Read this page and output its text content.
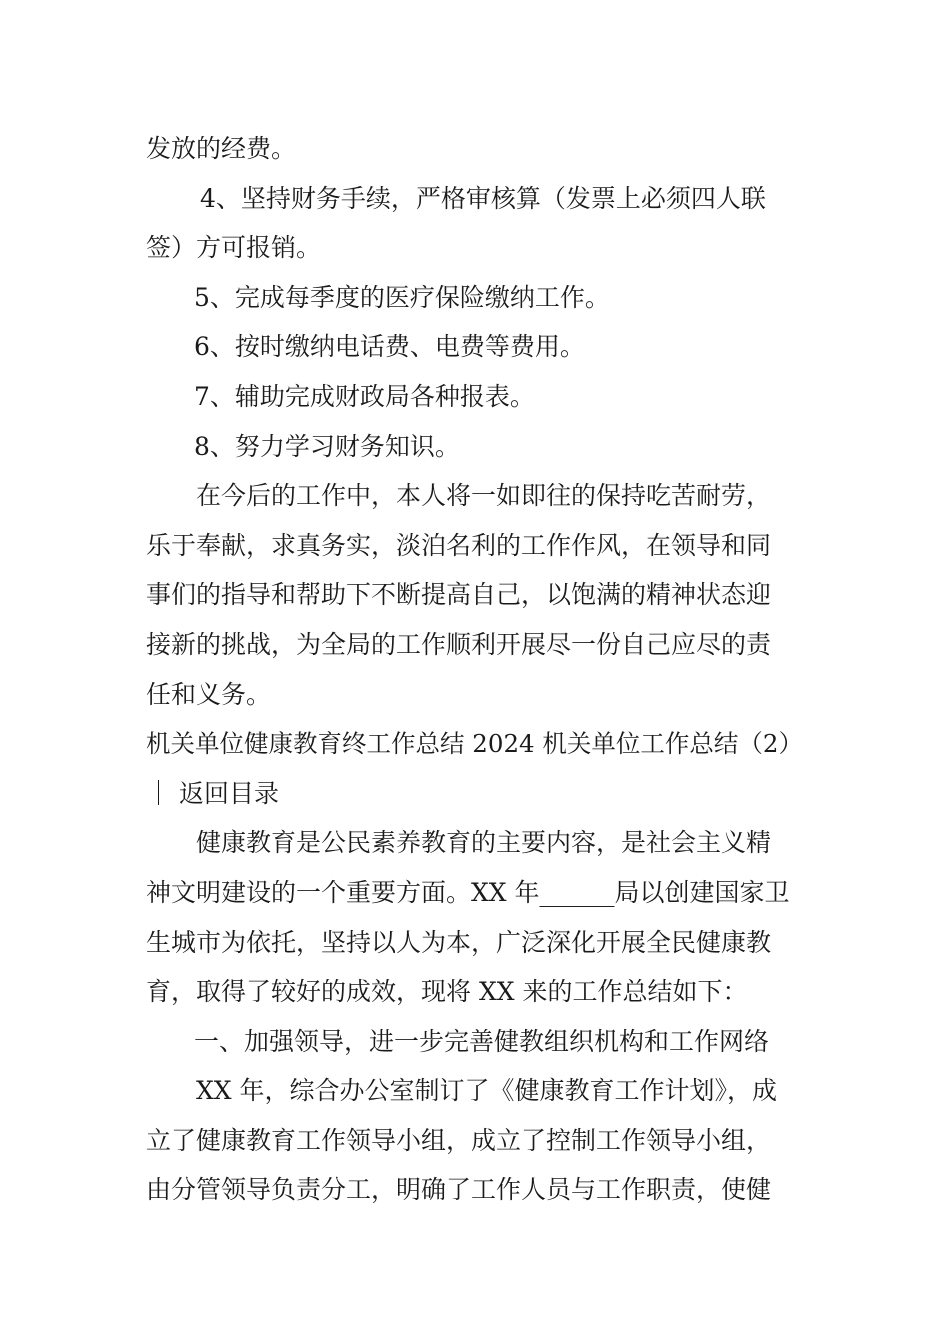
发放的经费。
4、坚持财务手续，严格审核算（发票上必须四人联
签）方可报销。
5、完成每季度的医疗保险缴纳工作。
6、按时缴纳电话费、电费等费用。
7、辅助完成财政局各种报表。
8、努力学习财务知识。
在今后的工作中，本人将一如即往的保持吃苦耐劳，
乐于奉献，求真务实，淡泊名利的工作作风，在领导和同
事们的指导和帮助下不断提高自己，以饱满的精神状态迎
接新的挑战，为全局的工作顺利开展尽一份自己应尽的责
任和义务。
机关单位健康教育终工作总结 2024 机关单位工作总结（2）
｜ 返回目录
健康教育是公民素养教育的主要内容，是社会主义精
神文明建设的一个重要方面。XX 年______局以创建国家卫
生城市为依托，坚持以人为本，广泛深化开展全民健康教
育，取得了较好的成效，现将 XX 来的工作总结如下：
一、加强领导，进一步完善健教组织机构和工作网络
XX 年，综合办公室制订了《健康教育工作计划》，成
立了健康教育工作领导小组，成立了控制工作领导小组，
由分管领导负责分工，明确了工作人员与工作职责，使健
